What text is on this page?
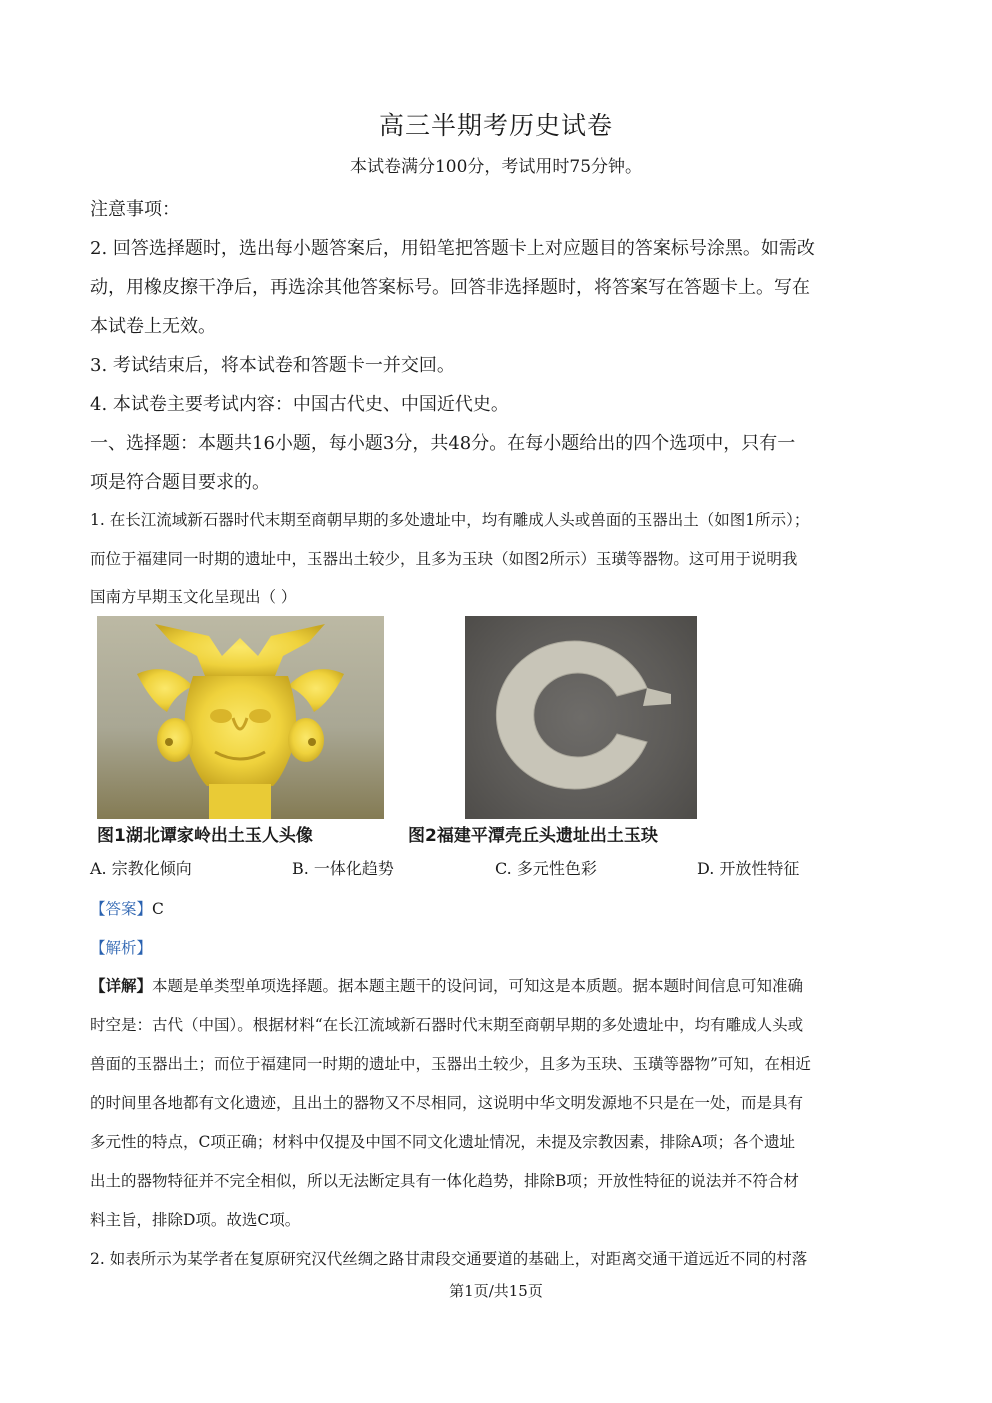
高三半期考历史试卷
本试卷满分100分，考试用时75分钟。
注意事项：
2. 回答选择题时，选出每小题答案后，用铅笔把答题卡上对应题目的答案标号涂黑。如需改
动，用橡皮擦干净后，再选涂其他答案标号。回答非选择题时，将答案写在答题卡上。写在
本试卷上无效。
3. 考试结束后，将本试卷和答题卡一并交回。
4. 本试卷主要考试内容：中国古代史、中国近代史。
一、选择题：本题共16小题，每小题3分，共48分。在每小题给出的四个选项中，只有一
项是符合题目要求的。
1. 在长江流域新石器时代末期至商朝早期的多处遗址中，均有雕成人头或兽面的玉器出土（如图1所示）；
而位于福建同一时期的遗址中，玉器出土较少，且多为玉玦（如图2所示）玉璜等器物。这可用于说明我
国南方早期玉文化呈现出（ ）
图1湖北谭家岭出土玉人头像	图2福建平潭壳丘头遗址出土玉玦
A. 宗教化倾向	B. 一体化趋势	C. 多元性色彩	D. 开放性特征
【答案】C
【解析】
【详解】本题是单类型单项选择题。据本题主题干的设问词，可知这是本质题。据本题时间信息可知准确
时空是：古代（中国）。根据材料“在长江流域新石器时代末期至商朝早期的多处遗址中，均有雕成人头或
兽面的玉器出土；而位于福建同一时期的遗址中，玉器出土较少，且多为玉玦、玉璜等器物”可知，在相近
的时间里各地都有文化遗迹，且出土的器物又不尽相同，这说明中华文明发源地不只是在一处，而是具有
多元性的特点，C项正确；材料中仅提及中国不同文化遗址情况，未提及宗教因素，排除A项；各个遗址
出土的器物特征并不完全相似，所以无法断定具有一体化趋势，排除B项；开放性特征的说法并不符合材
料主旨，排除D项。故选C项。
2. 如表所示为某学者在复原研究汉代丝绸之路甘肃段交通要道的基础上，对距离交通干道远近不同的村落
第1页/共15页
